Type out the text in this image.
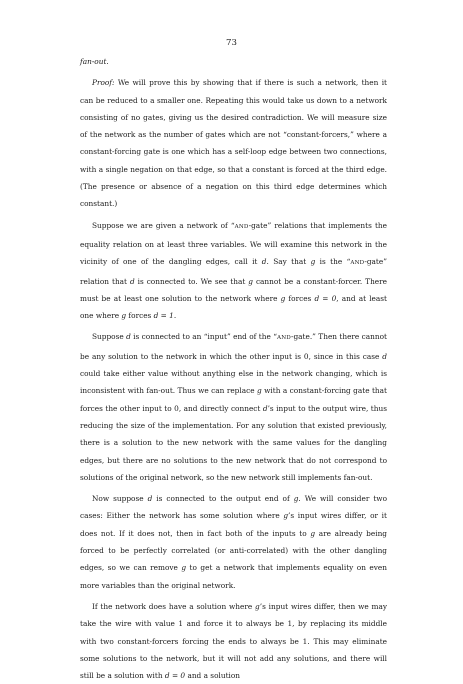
73

fan-out.

Proof: We will prove this by showing that if there is such a network, then it can be reduced to a smaller one. Repeating this would take us down to a network consisting of no gates, giving us the desired contradiction. We will measure size of the network as the number of gates which are not “constant-forcers,” where a constant-forcing gate is one which has a self-loop edge between two connections, with a single negation on that edge, so that a constant is forced at the third edge. (The presence or absence of a negation on this third edge determines which constant.)

Suppose we are given a network of “AND-gate” relations that implements the equality relation on at least three variables. We will examine this network in the vicinity of one of the dangling edges, call it d. Say that g is the “AND-gate” relation that d is connected to. We see that g cannot be a constant-forcer. There must be at least one solution to the network where g forces d = 0, and at least one where g forces d = 1.

Suppose d is connected to an “input” end of the “AND-gate.” Then there cannot be any solution to the network in which the other input is 0, since in this case d could take either value without anything else in the network changing, which is inconsistent with fan-out. Thus we can replace g with a constant-forcing gate that forces the other input to 0, and directly connect d’s input to the output wire, thus reducing the size of the implementation. For any solution that existed previously, there is a solution to the new network with the same values for the dangling edges, but there are no solutions to the new network that do not correspond to solutions of the original network, so the new network still implements fan-out.

Now suppose d is connected to the output end of g. We will consider two cases: Either the network has some solution where g’s input wires differ, or it does not. If it does not, then in fact both of the inputs to g are already being forced to be perfectly correlated (or anti-correlated) with the other dangling edges, so we can remove g to get a network that implements equality on even more variables than the original network.

If the network does have a solution where g’s input wires differ, then we may take the wire with value 1 and force it to always be 1, by replacing its middle with two constant-forcers forcing the ends to always be 1. This may eliminate some solutions to the network, but it will not add any solutions, and there will still be a solution with d = 0 and a solution
